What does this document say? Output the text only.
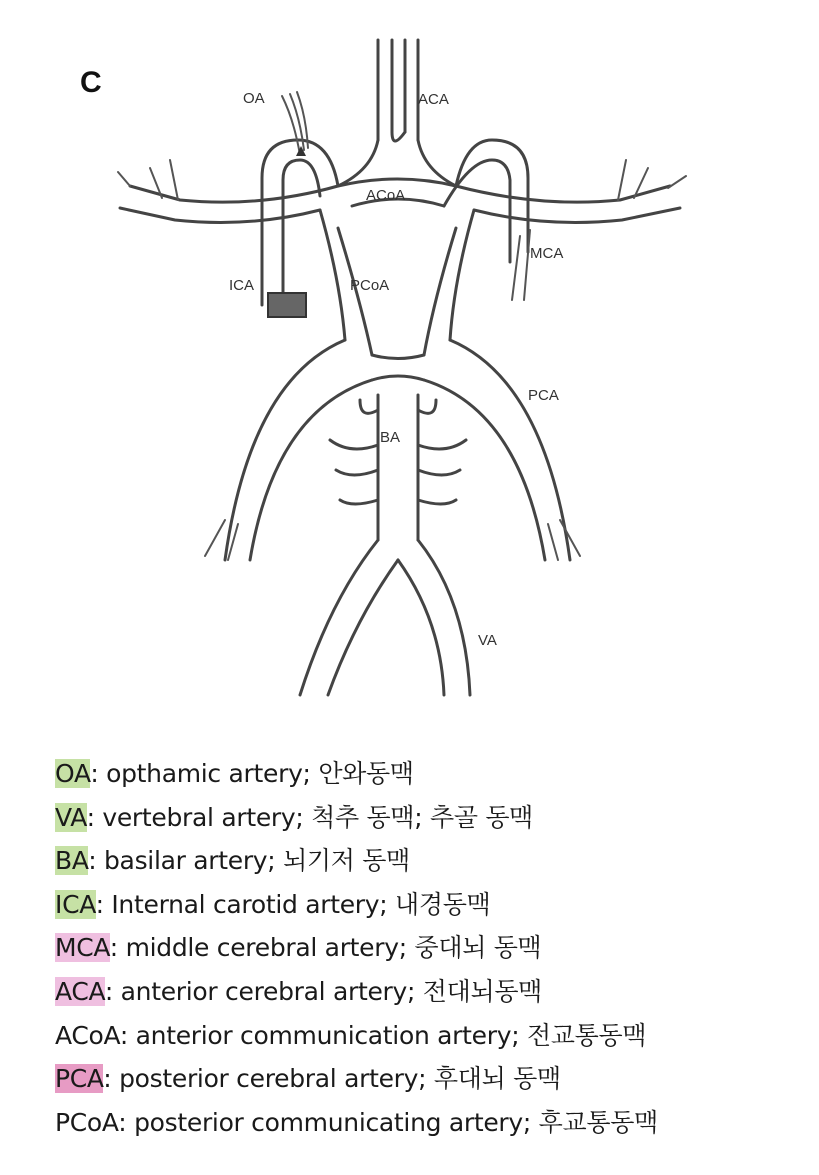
C	OA	ACA
ACoA
MCA
ICA	PCoA
PCA
BA
VA
OA: opthamic artery; 안와동맥
VA: vertebral artery; 척추 동맥; 추골 동맥
BA: basilar artery; 뇌기저 동맥
ICA: Internal carotid artery; 내경동맥
MCA: middle cerebral artery; 중대뇌 동맥
ACA: anterior cerebral artery; 전대뇌동맥
ACoA: anterior communication artery; 전교통동맥
PCA: posterior cerebral artery; 후대뇌 동맥
PCoA: posterior communicating artery; 후교통동맥
